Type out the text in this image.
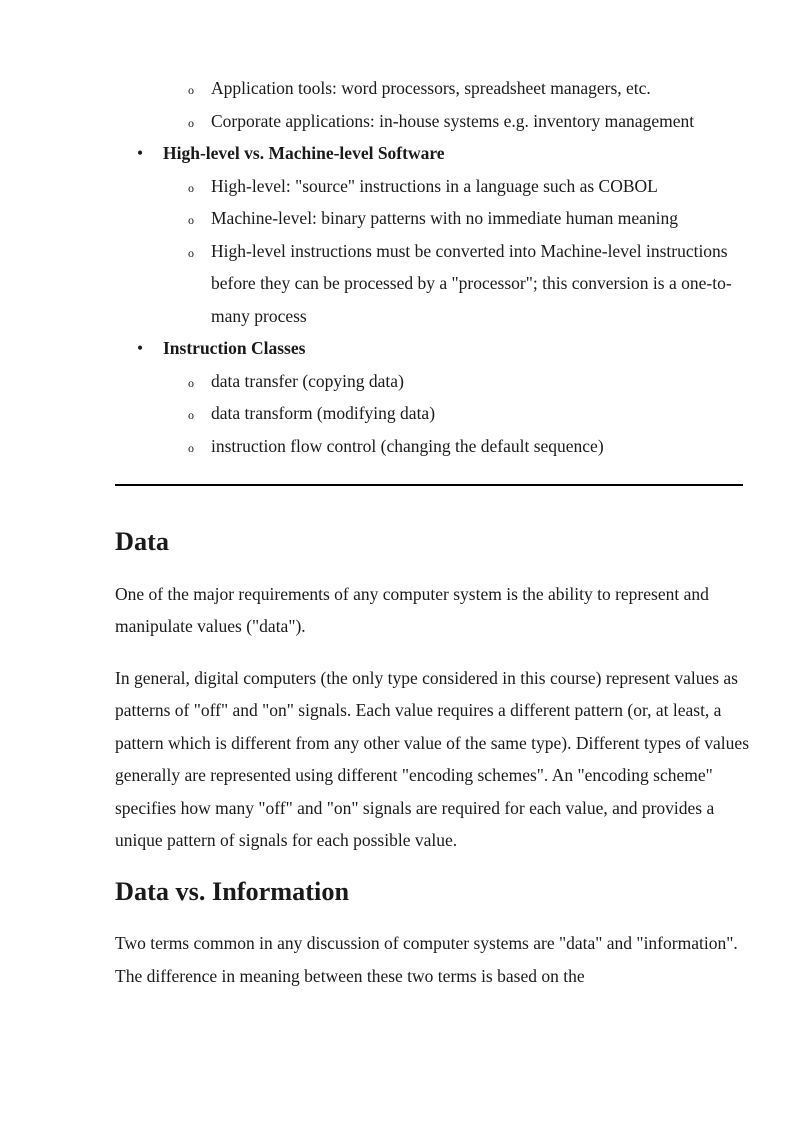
o Application tools: word processors, spreadsheet managers, etc.
o Corporate applications: in-house systems e.g. inventory management
• High-level vs. Machine-level Software
o High-level: "source" instructions in a language such as COBOL
o Machine-level: binary patterns with no immediate human meaning
o High-level instructions must be converted into Machine-level instructions before they can be processed by a "processor"; this conversion is a one-to-many process
• Instruction Classes
o data transfer (copying data)
o data transform (modifying data)
o instruction flow control (changing the default sequence)
Data

One of the major requirements of any computer system is the ability to represent and manipulate values ("data").

In general, digital computers (the only type considered in this course) represent values as patterns of "off" and "on" signals. Each value requires a different pattern (or, at least, a pattern which is different from any other value of the same type). Different types of values generally are represented using different "encoding schemes". An "encoding scheme" specifies how many "off" and "on" signals are required for each value, and provides a unique pattern of signals for each possible value.

Data vs. Information

Two terms common in any discussion of computer systems are "data" and "information". The difference in meaning between these two terms is based on the
